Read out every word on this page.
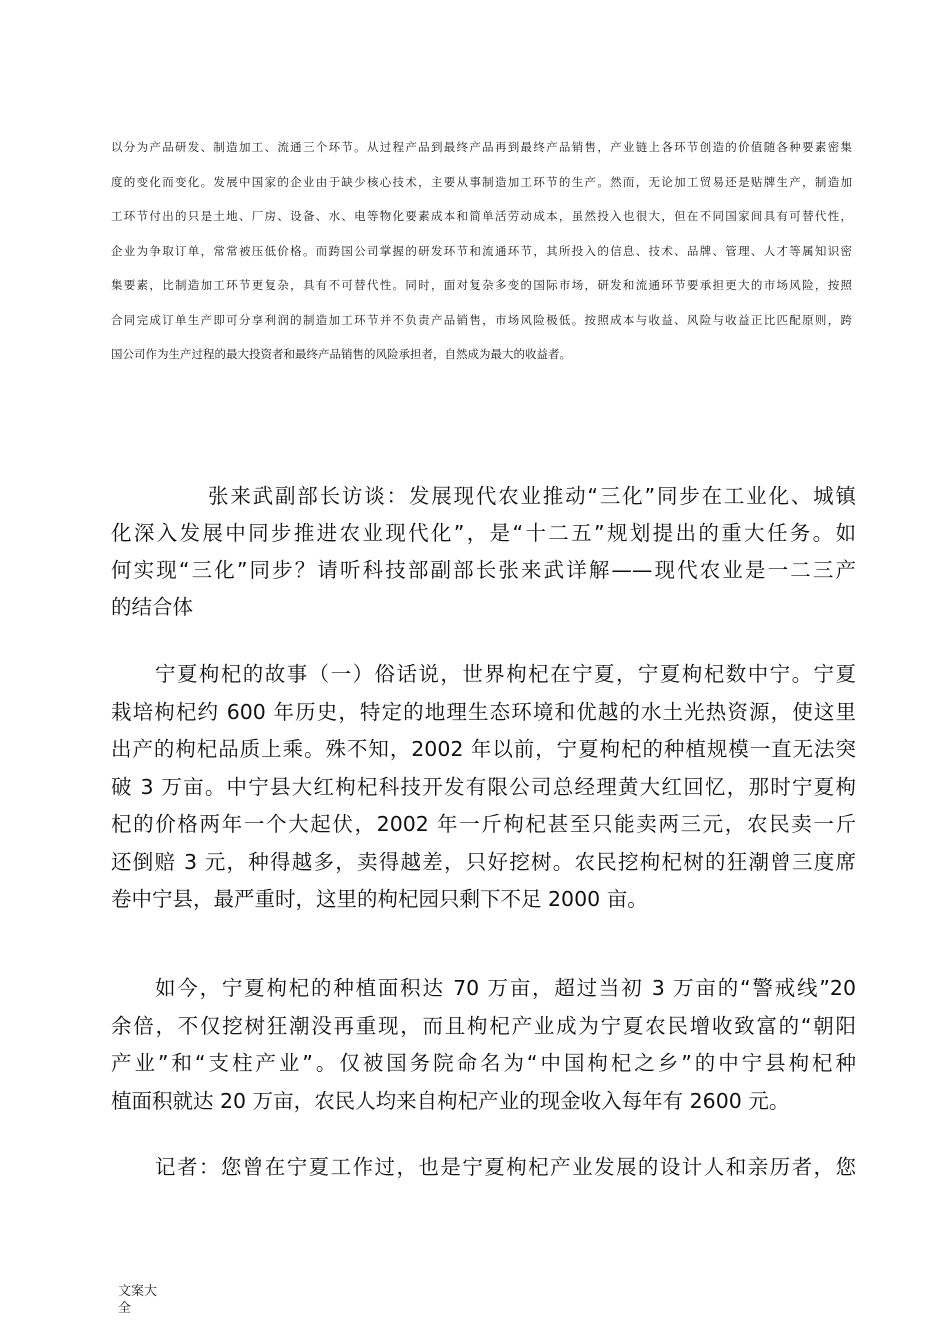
以分为产品研发、制造加工、流通三个环节。从过程产品到最终产品再到最终产品销售，产业链上各环节创造的价值随各种要素密集
度的变化而变化。发展中国家的企业由于缺少核心技术，主要从事制造加工环节的生产。然而，无论加工贸易还是贴牌生产，制造加
工环节付出的只是土地、厂房、设备、水、电等物化要素成本和简单活劳动成本，虽然投入也很大，但在不同国家间具有可替代性，
企业为争取订单，常常被压低价格。而跨国公司掌握的研发环节和流通环节，其所投入的信息、技术、品牌、管理、人才等属知识密
集要素，比制造加工环节更复杂，具有不可替代性。同时，面对复杂多变的国际市场，研发和流通环节要承担更大的市场风险，按照
合同完成订单生产即可分享利润的制造加工环节并不负责产品销售，市场风险极低。按照成本与收益、风险与收益正比匹配原则，跨
国公司作为生产过程的最大投资者和最终产品销售的风险承担者，自然成为最大的收益者。
张来武副部长访谈：发展现代农业推动“三化”同步在工业化、城镇
化深入发展中同步推进农业现代化”，是“十二五”规划提出的重大任务。如
何实现“三化”同步？请听科技部副部长张来武详解——现代农业是一二三产
的结合体
宁夏枸杞的故事（一）俗话说，世界枸杞在宁夏，宁夏枸杞数中宁。宁夏
栽培枸杞约 600 年历史，特定的地理生态环境和优越的水土光热资源，使这里
出产的枸杞品质上乘。殊不知，2002 年以前，宁夏枸杞的种植规模一直无法突
破 3 万亩。中宁县大红枸杞科技开发有限公司总经理黄大红回忆，那时宁夏枸
杞的价格两年一个大起伏，2002 年一斤枸杞甚至只能卖两三元，农民卖一斤
还倒赔 3 元，种得越多，卖得越差，只好挖树。农民挖枸杞树的狂潮曾三度席
卷中宁县，最严重时，这里的枸杞园只剩下不足 2000 亩。
如今，宁夏枸杞的种植面积达 70 万亩，超过当初 3 万亩的“警戒线”20
余倍，不仅挖树狂潮没再重现，而且枸杞产业成为宁夏农民增收致富的“朝阳
产业”和“支柱产业”。仅被国务院命名为“中国枸杞之乡”的中宁县枸杞种
植面积就达 20 万亩，农民人均来自枸杞产业的现金收入每年有 2600 元。
记者：您曾在宁夏工作过，也是宁夏枸杞产业发展的设计人和亲历者，您
文案大
全
